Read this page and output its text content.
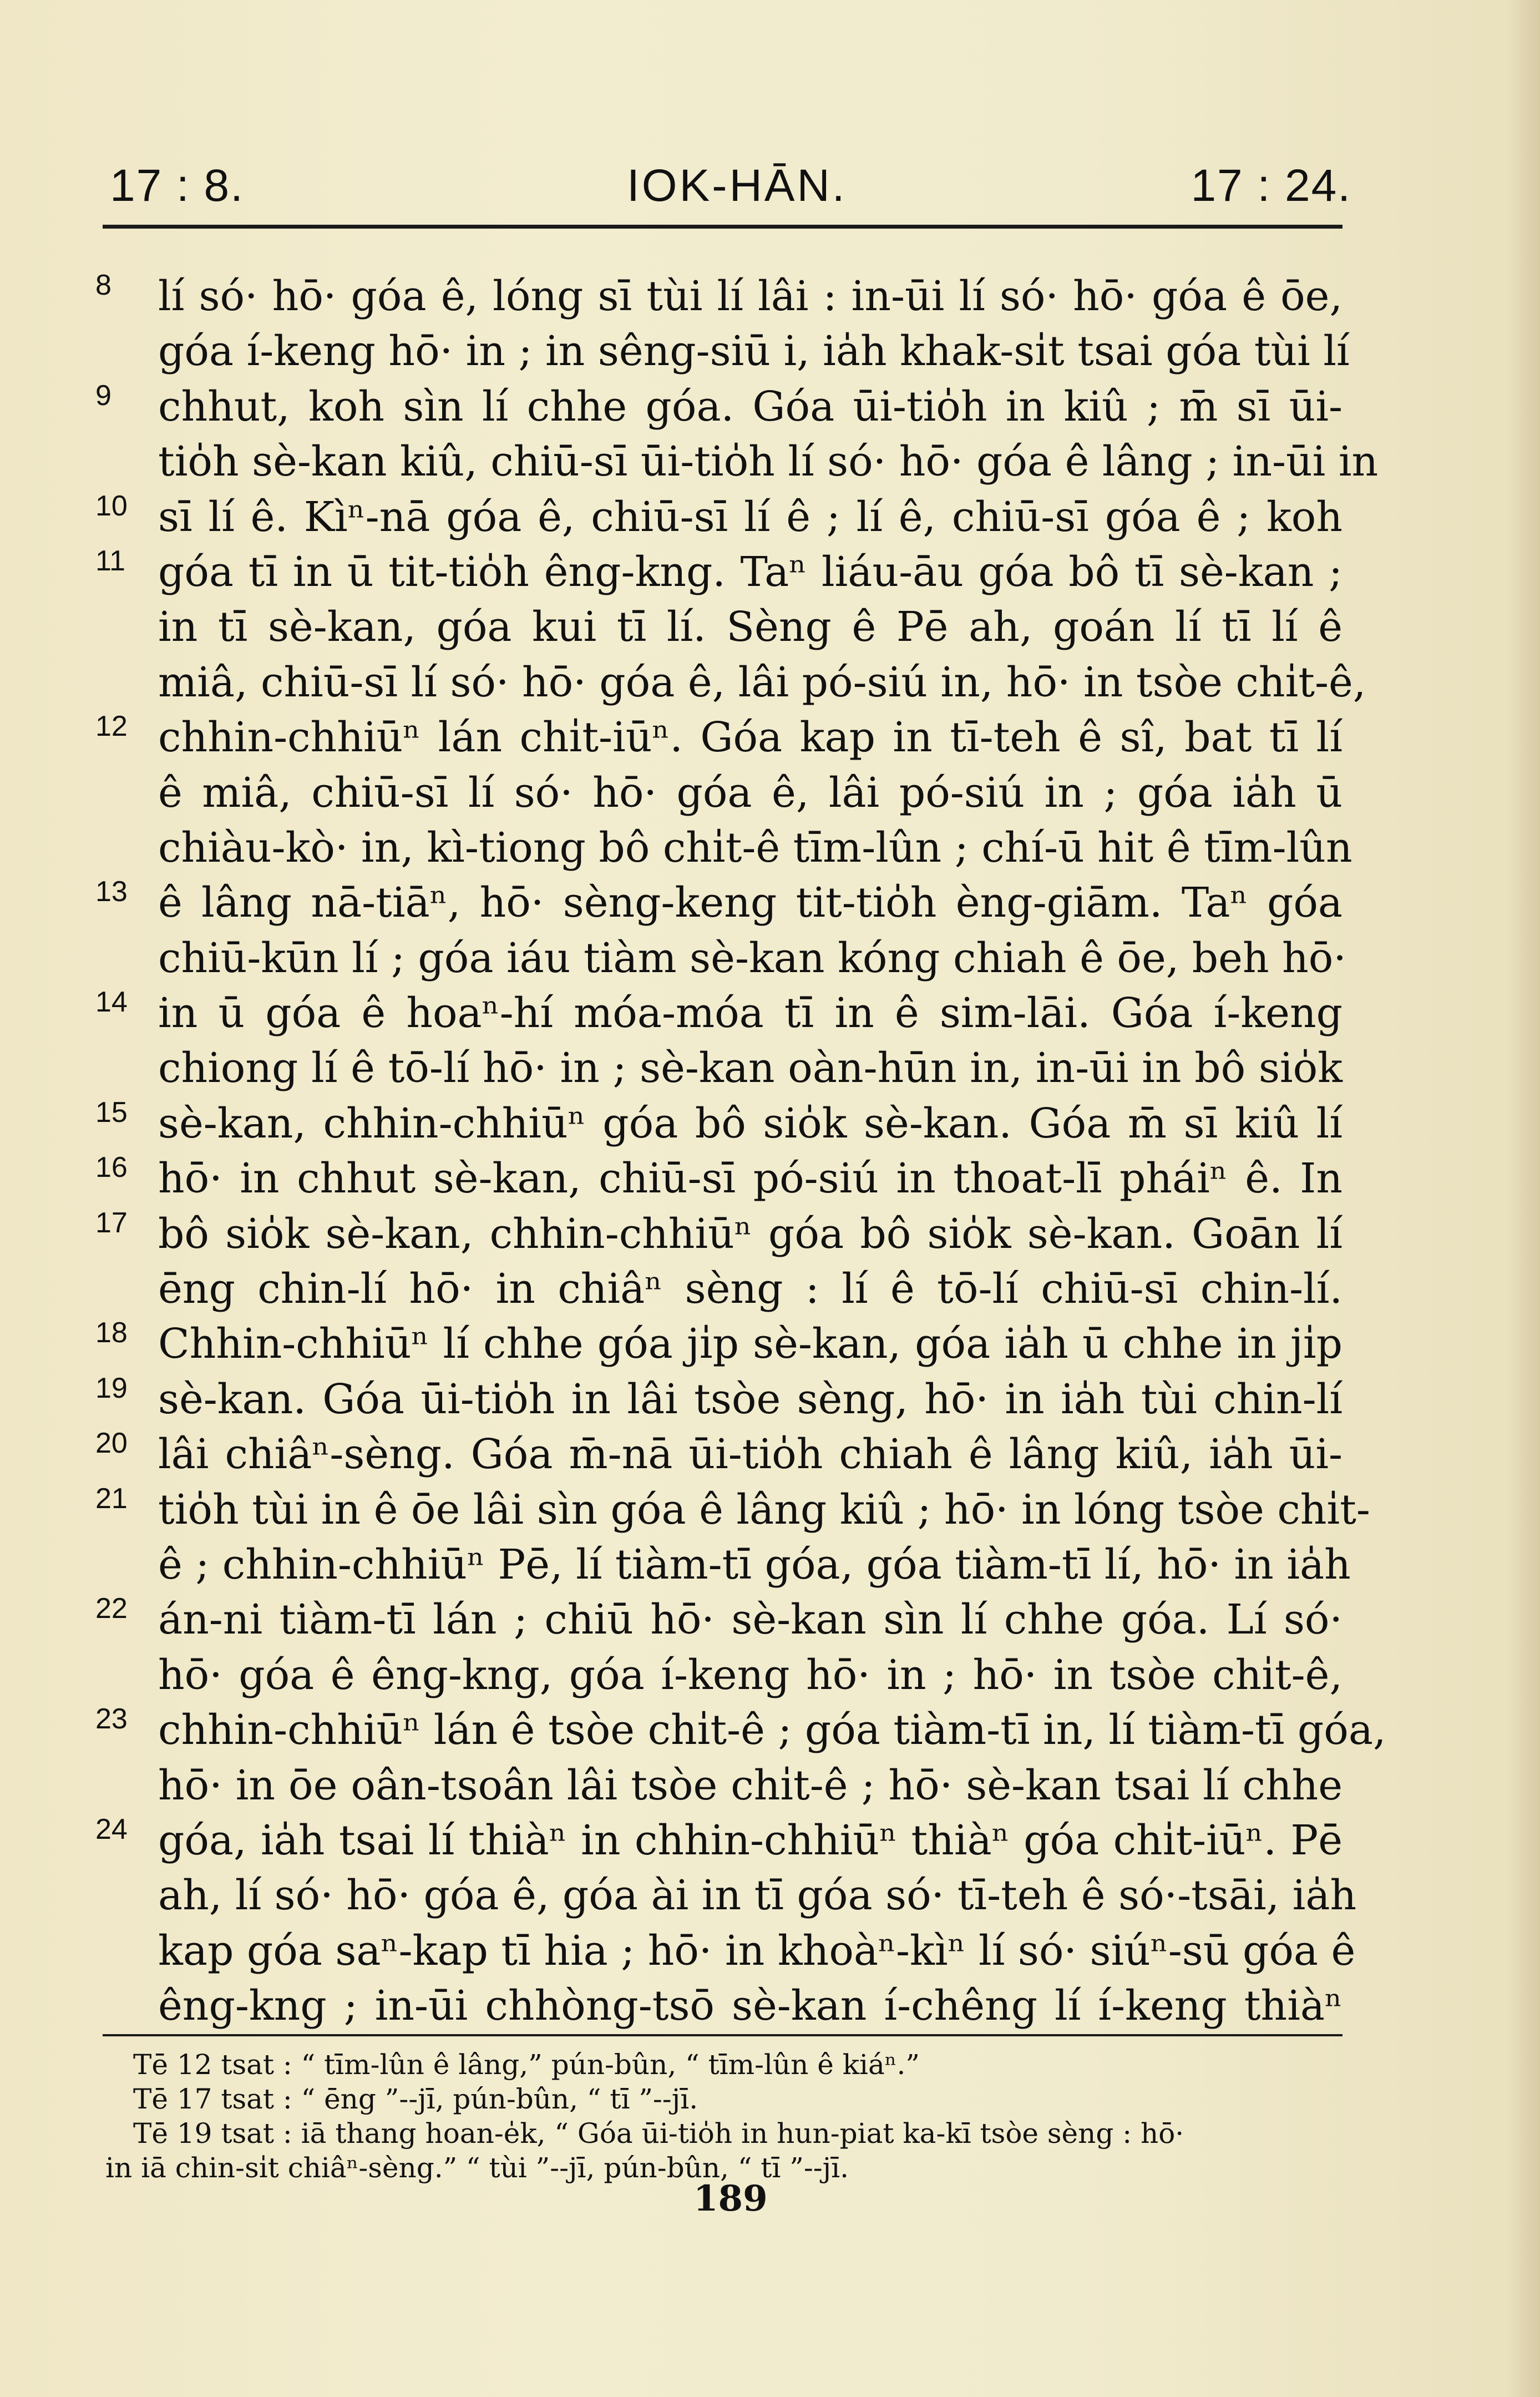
17 : 8.	IOK-HĀN.	17 : 24.
8 lí só· hō· góa ê, lóng sī tùi lí lâi : in-ūi lí só· hō· góa ê ōe,
góa í-keng hō· in ; in sêng-siū i, ia̍h khak-si̍t tsai góa tùi lí
9 chhut, koh sìn lí chhe góa. Góa ūi-tio̍h in kiû ; m̄ sī ūi-
tio̍h sè-kan kiû, chiū-sī ūi-tio̍h lí só· hō· góa ê lâng ; in-ūi in
10 sī lí ê. Kìⁿ-nā góa ê, chiū-sī lí ê ; lí ê, chiū-sī góa ê ; koh
11 góa tī in ū tit-tio̍h êng-kng. Taⁿ liáu-āu góa bô tī sè-kan ;
in tī sè-kan, góa kui tī lí. Sèng ê Pē ah, goán lí tī lí ê
miâ, chiū-sī lí só· hō· góa ê, lâi pó-siú in, hō· in tsòe chi̍t-ê,
12 chhin-chhiūⁿ lán chi̍t-iūⁿ. Góa kap in tī-teh ê sî, bat tī lí
ê miâ, chiū-sī lí só· hō· góa ê, lâi pó-siú in ; góa ia̍h ū
chiàu-kò· in, kì-tiong bô chi̍t-ê tīm-lûn ; chí-ū hit ê tīm-lûn
13 ê lâng nā-tiāⁿ, hō· sèng-keng tit-tio̍h èng-giām. Taⁿ góa
chiū-kūn lí ; góa iáu tiàm sè-kan kóng chiah ê ōe, beh hō·
14 in ū góa ê hoaⁿ-hí móa-móa tī in ê sim-lāi. Góa í-keng
chiong lí ê tō-lí hō· in ; sè-kan oàn-hūn in, in-ūi in bô sio̍k
15 sè-kan, chhin-chhiūⁿ góa bô sio̍k sè-kan. Góa m̄ sī kiû lí
16 hō· in chhut sè-kan, chiū-sī pó-siú in thoat-lī pháiⁿ ê. In
17 bô sio̍k sè-kan, chhin-chhiūⁿ góa bô sio̍k sè-kan. Goān lí
ēng chin-lí hō· in chiâⁿ sèng : lí ê tō-lí chiū-sī chin-lí.
18 Chhin-chhiūⁿ lí chhe góa ji̍p sè-kan, góa ia̍h ū chhe in ji̍p
19 sè-kan. Góa ūi-tio̍h in lâi tsòe sèng, hō· in ia̍h tùi chin-lí
20 lâi chiâⁿ-sèng. Góa m̄-nā ūi-tio̍h chiah ê lâng kiû, ia̍h ūi-
21 tio̍h tùi in ê ōe lâi sìn góa ê lâng kiû ; hō· in lóng tsòe chi̍t-
ê ; chhin-chhiūⁿ Pē, lí tiàm-tī góa, góa tiàm-tī lí, hō· in ia̍h
22 án-ni tiàm-tī lán ; chiū hō· sè-kan sìn lí chhe góa. Lí só·
hō· góa ê êng-kng, góa í-keng hō· in ; hō· in tsòe chi̍t-ê,
23 chhin-chhiūⁿ lán ê tsòe chi̍t-ê ; góa tiàm-tī in, lí tiàm-tī góa,
hō· in ōe oân-tsoân lâi tsòe chi̍t-ê ; hō· sè-kan tsai lí chhe
24 góa, ia̍h tsai lí thiàⁿ in chhin-chhiūⁿ thiàⁿ góa chi̍t-iūⁿ. Pē
ah, lí só· hō· góa ê, góa ài in tī góa só· tī-teh ê só·-tsāi, ia̍h
kap góa saⁿ-kap tī hia ; hō· in khoàⁿ-kìⁿ lí só· siúⁿ-sū góa ê
êng-kng ; in-ūi chhòng-tsō sè-kan í-chêng lí í-keng thiàⁿ
Tē 12 tsat : “ tīm-lûn ê lâng,” pún-bûn, “ tīm-lûn ê kiáⁿ.”
Tē 17 tsat : “ ēng ”--jī, pún-bûn, “ tī ”--jī.
Tē 19 tsat : iā thang hoan-e̍k, “ Góa ūi-tio̍h in hun-piat ka-kī tsòe sèng : hō·
in iā chin-si̍t chiâⁿ-sèng.” “ tùi ”--jī, pún-bûn, “ tī ”--jī.
189
